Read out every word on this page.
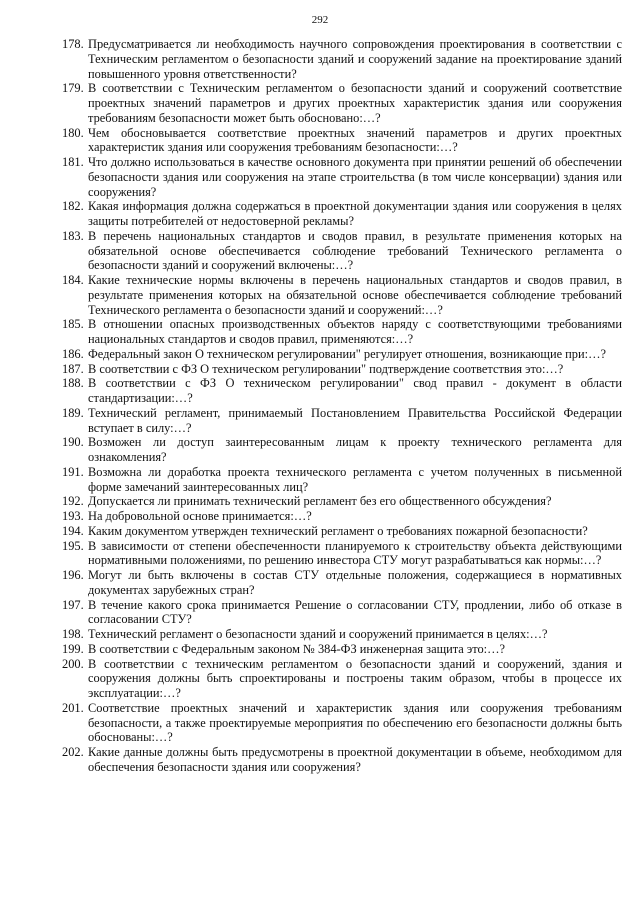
292
178. Предусматривается ли необходимость научного сопровождения проектирования в соответствии с Техническим регламентом о безопасности зданий и сооружений задание на проектирование зданий повышенного уровня ответственности?
179. В соответствии с Техническим регламентом о безопасности зданий и сооружений соответствие проектных значений параметров и других проектных характеристик здания или сооружения требованиям безопасности может быть обосновано:…?
180. Чем обосновывается соответствие проектных значений параметров и других проектных характеристик здания или сооружения требованиям безопасности:…?
181. Что должно использоваться в качестве основного документа при принятии решений об обеспечении безопасности здания или сооружения на этапе строительства (в том числе консервации) здания или сооружения?
182. Какая информация должна содержаться в проектной документации здания или сооружения в целях защиты потребителей от недостоверной рекламы?
183. В перечень национальных стандартов и сводов правил, в результате применения которых на обязательной основе обеспечивается соблюдение требований Технического регламента о безопасности зданий и сооружений включены:…?
184. Какие технические нормы включены в перечень национальных стандартов и сводов правил, в результате применения которых на обязательной основе обеспечивается соблюдение требований Технического регламента о безопасности зданий и сооружений:…?
185. В отношении опасных производственных объектов наряду с соответствующими требованиями национальных стандартов и сводов правил, применяются:…?
186. Федеральный закон О техническом регулировании" регулирует отношения, возникающие при:…?
187. В соответствии с ФЗ О техническом регулировании" подтверждение соответствия это:…?
188. В соответствии с ФЗ О техническом регулировании" свод правил - документ в области стандартизации:…?
189. Технический регламент, принимаемый Постановлением Правительства Российской Федерации вступает в силу:…?
190. Возможен ли доступ заинтересованным лицам к проекту технического регламента для ознакомления?
191. Возможна ли доработка проекта технического регламента с учетом полученных в письменной форме замечаний заинтересованных лиц?
192. Допускается ли принимать технический регламент без его общественного обсуждения?
193. На добровольной основе принимается:…?
194. Каким документом утвержден технический регламент о требованиях пожарной безопасности?
195. В зависимости от степени обеспеченности планируемого к строительству объекта действующими нормативными положениями, по решению инвестора СТУ могут разрабатываться как нормы:…?
196. Могут ли быть включены в состав СТУ отдельные положения, содержащиеся в нормативных документах зарубежных стран?
197. В течение какого срока принимается Решение о согласовании СТУ, продлении, либо об отказе в согласовании СТУ?
198. Технический регламент о безопасности зданий и сооружений принимается в целях:…?
199. В соответствии с Федеральным законом № 384-ФЗ инженерная защита это:…?
200. В соответствии с техническим регламентом о безопасности зданий и сооружений, здания и сооружения должны быть спроектированы и построены таким образом, чтобы в процессе их эксплуатации:…?
201. Соответствие проектных значений и характеристик здания или сооружения требованиям безопасности, а также проектируемые мероприятия по обеспечению его безопасности должны быть обоснованы:…?
202. Какие данные должны быть предусмотрены в проектной документации в объеме, необходимом для обеспечения безопасности здания или сооружения?
